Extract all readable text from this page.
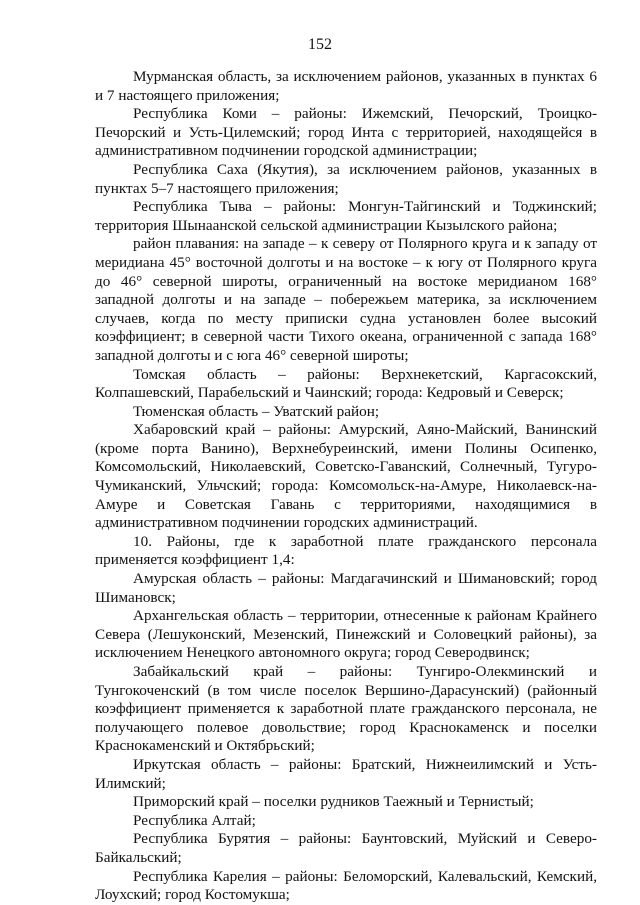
152

Мурманская область, за исключением районов, указанных в пунктах 6 и 7 настоящего приложения;

Республика Коми – районы: Ижемский, Печорский, Троицко-Печорский и Усть-Цилемский; город Инта с территорией, находящейся в административном подчинении городской администрации;

Республика Саха (Якутия), за исключением районов, указанных в пунктах 5–7 настоящего приложения;

Республика Тыва – районы: Монгун-Тайгинский и Тоджинский; территория Шынаанской сельской администрации Кызылского района;

район плавания: на западе – к северу от Полярного круга и к западу от меридиана 45° восточной долготы и на востоке – к югу от Полярного круга до 46° северной широты, ограниченный на востоке меридианом 168° западной долготы и на западе – побережьем материка, за исключением случаев, когда по месту приписки судна установлен более высокий коэффициент; в северной части Тихого океана, ограниченной с запада 168° западной долготы и с юга 46° северной широты;

Томская область – районы: Верхнекетский, Каргасокский, Колпашевский, Парабельский и Чаинский; города: Кедровый и Северск;

Тюменская область – Уватский район;

Хабаровский край – районы: Амурский, Аяно-Майский, Ванинский (кроме порта Ванино), Верхнебуреинский, имени Полины Осипенко, Комсомольский, Николаевский, Советско-Гаванский, Солнечный, Тугуро-Чумиканский, Ульчский; города: Комсомольск-на-Амуре, Николаевск-на-Амуре и Советская Гавань с территориями, находящимися в административном подчинении городских администраций.

10. Районы, где к заработной плате гражданского персонала применяется коэффициент 1,4:

Амурская область – районы: Магдагачинский и Шимановский; город Шимановск;

Архангельская область – территории, отнесенные к районам Крайнего Севера (Лешуконский, Мезенский, Пинежский и Соловецкий районы), за исключением Ненецкого автономного округа; город Северодвинск;

Забайкальский край – районы: Тунгиро-Олекминский и Тунгокоченский (в том числе поселок Вершино-Дарасунский) (районный коэффициент применяется к заработной плате гражданского персонала, не получающего полевое довольствие; город Краснокаменск и поселки Краснокаменский и Октябрьский;

Иркутская область – районы: Братский, Нижнеилимский и Усть-Илимский;

Приморский край – поселки рудников Таежный и Тернистый;

Республика Алтай;

Республика Бурятия – районы: Баунтовский, Муйский и Северо-Байкальский;

Республика Карелия – районы: Беломорский, Калевальский, Кемский, Лоухский; город Костомукша;
